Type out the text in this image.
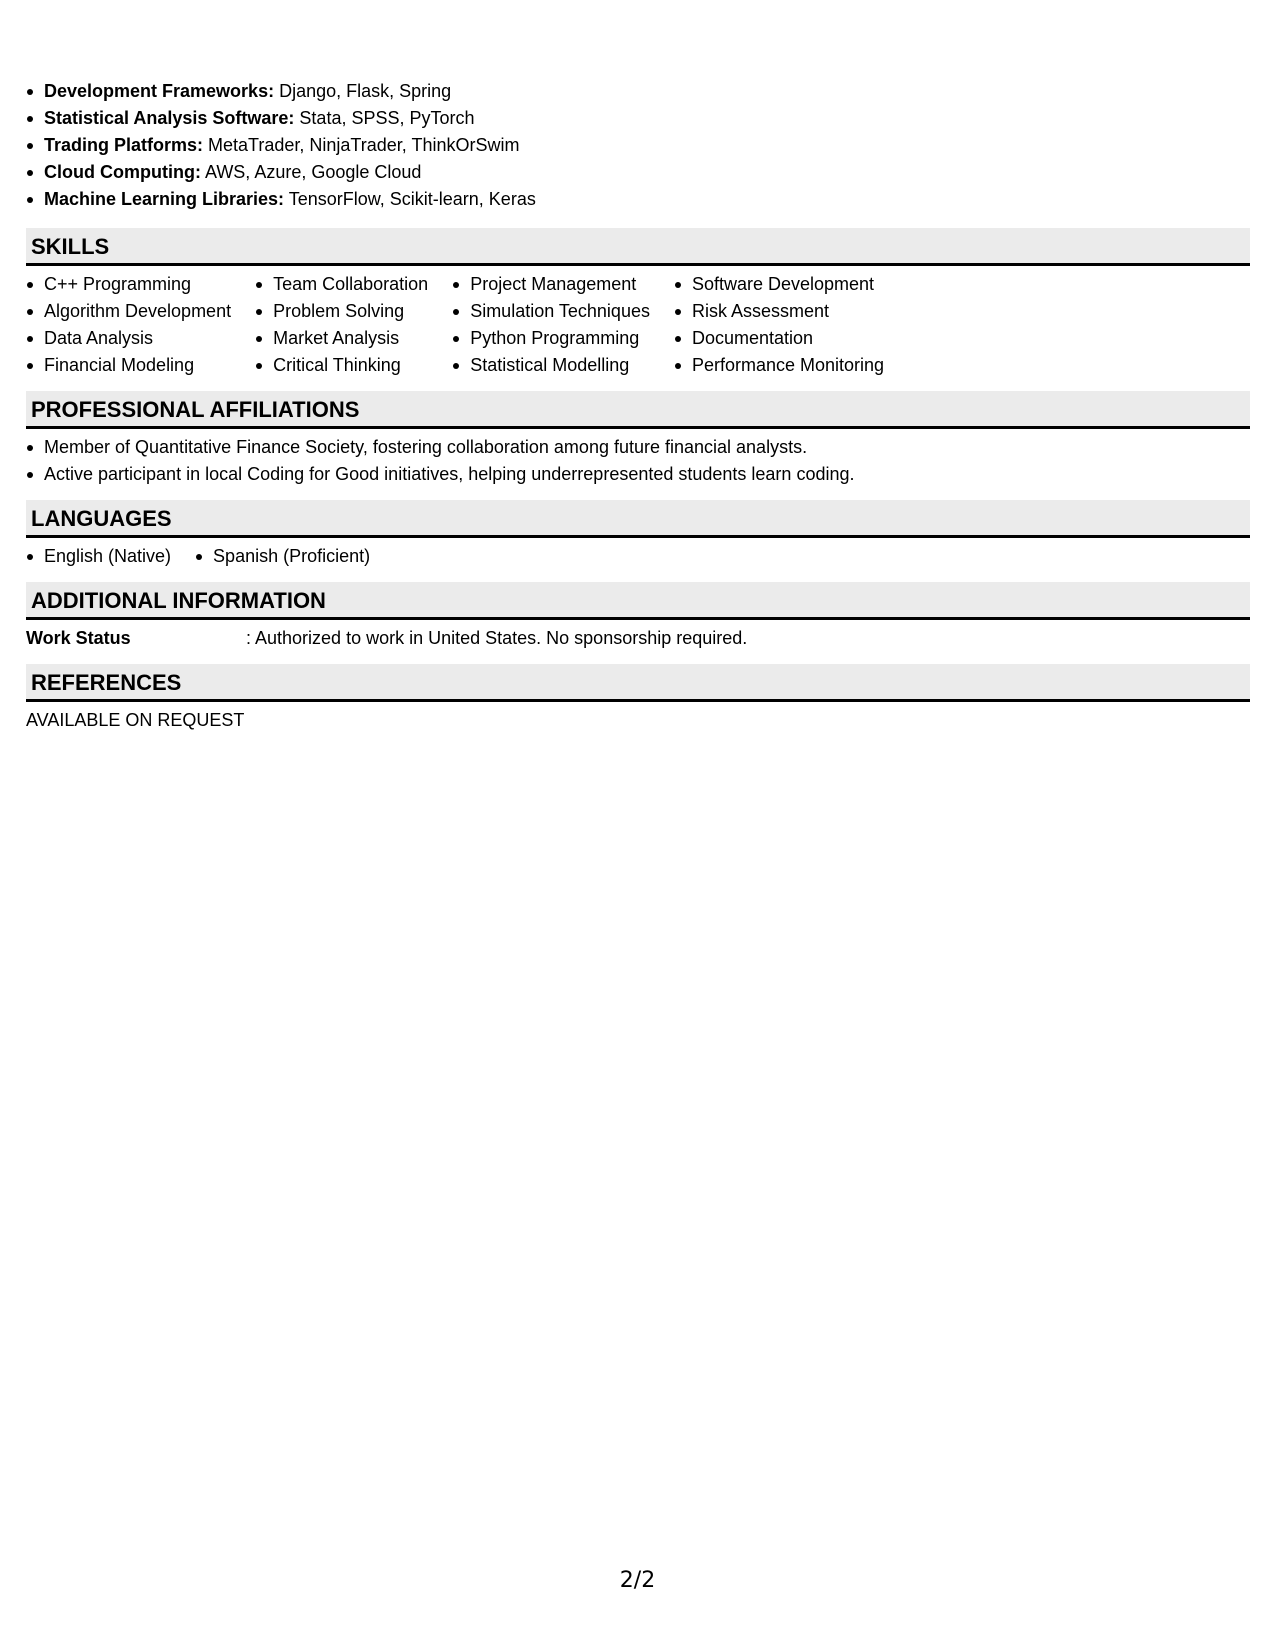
Development Frameworks: Django, Flask, Spring
Statistical Analysis Software: Stata, SPSS, PyTorch
Trading Platforms: MetaTrader, NinjaTrader, ThinkOrSwim
Cloud Computing: AWS, Azure, Google Cloud
Machine Learning Libraries: TensorFlow, Scikit-learn, Keras
SKILLS
C++ Programming
Algorithm Development
Data Analysis
Financial Modeling
Team Collaboration
Problem Solving
Market Analysis
Critical Thinking
Project Management
Simulation Techniques
Python Programming
Statistical Modelling
Software Development
Risk Assessment
Documentation
Performance Monitoring
PROFESSIONAL AFFILIATIONS
Member of Quantitative Finance Society, fostering collaboration among future financial analysts.
Active participant in local Coding for Good initiatives, helping underrepresented students learn coding.
LANGUAGES
English (Native)	Spanish (Proficient)
ADDITIONAL INFORMATION
Work Status	: Authorized to work in United States. No sponsorship required.
REFERENCES
AVAILABLE ON REQUEST
2/2
